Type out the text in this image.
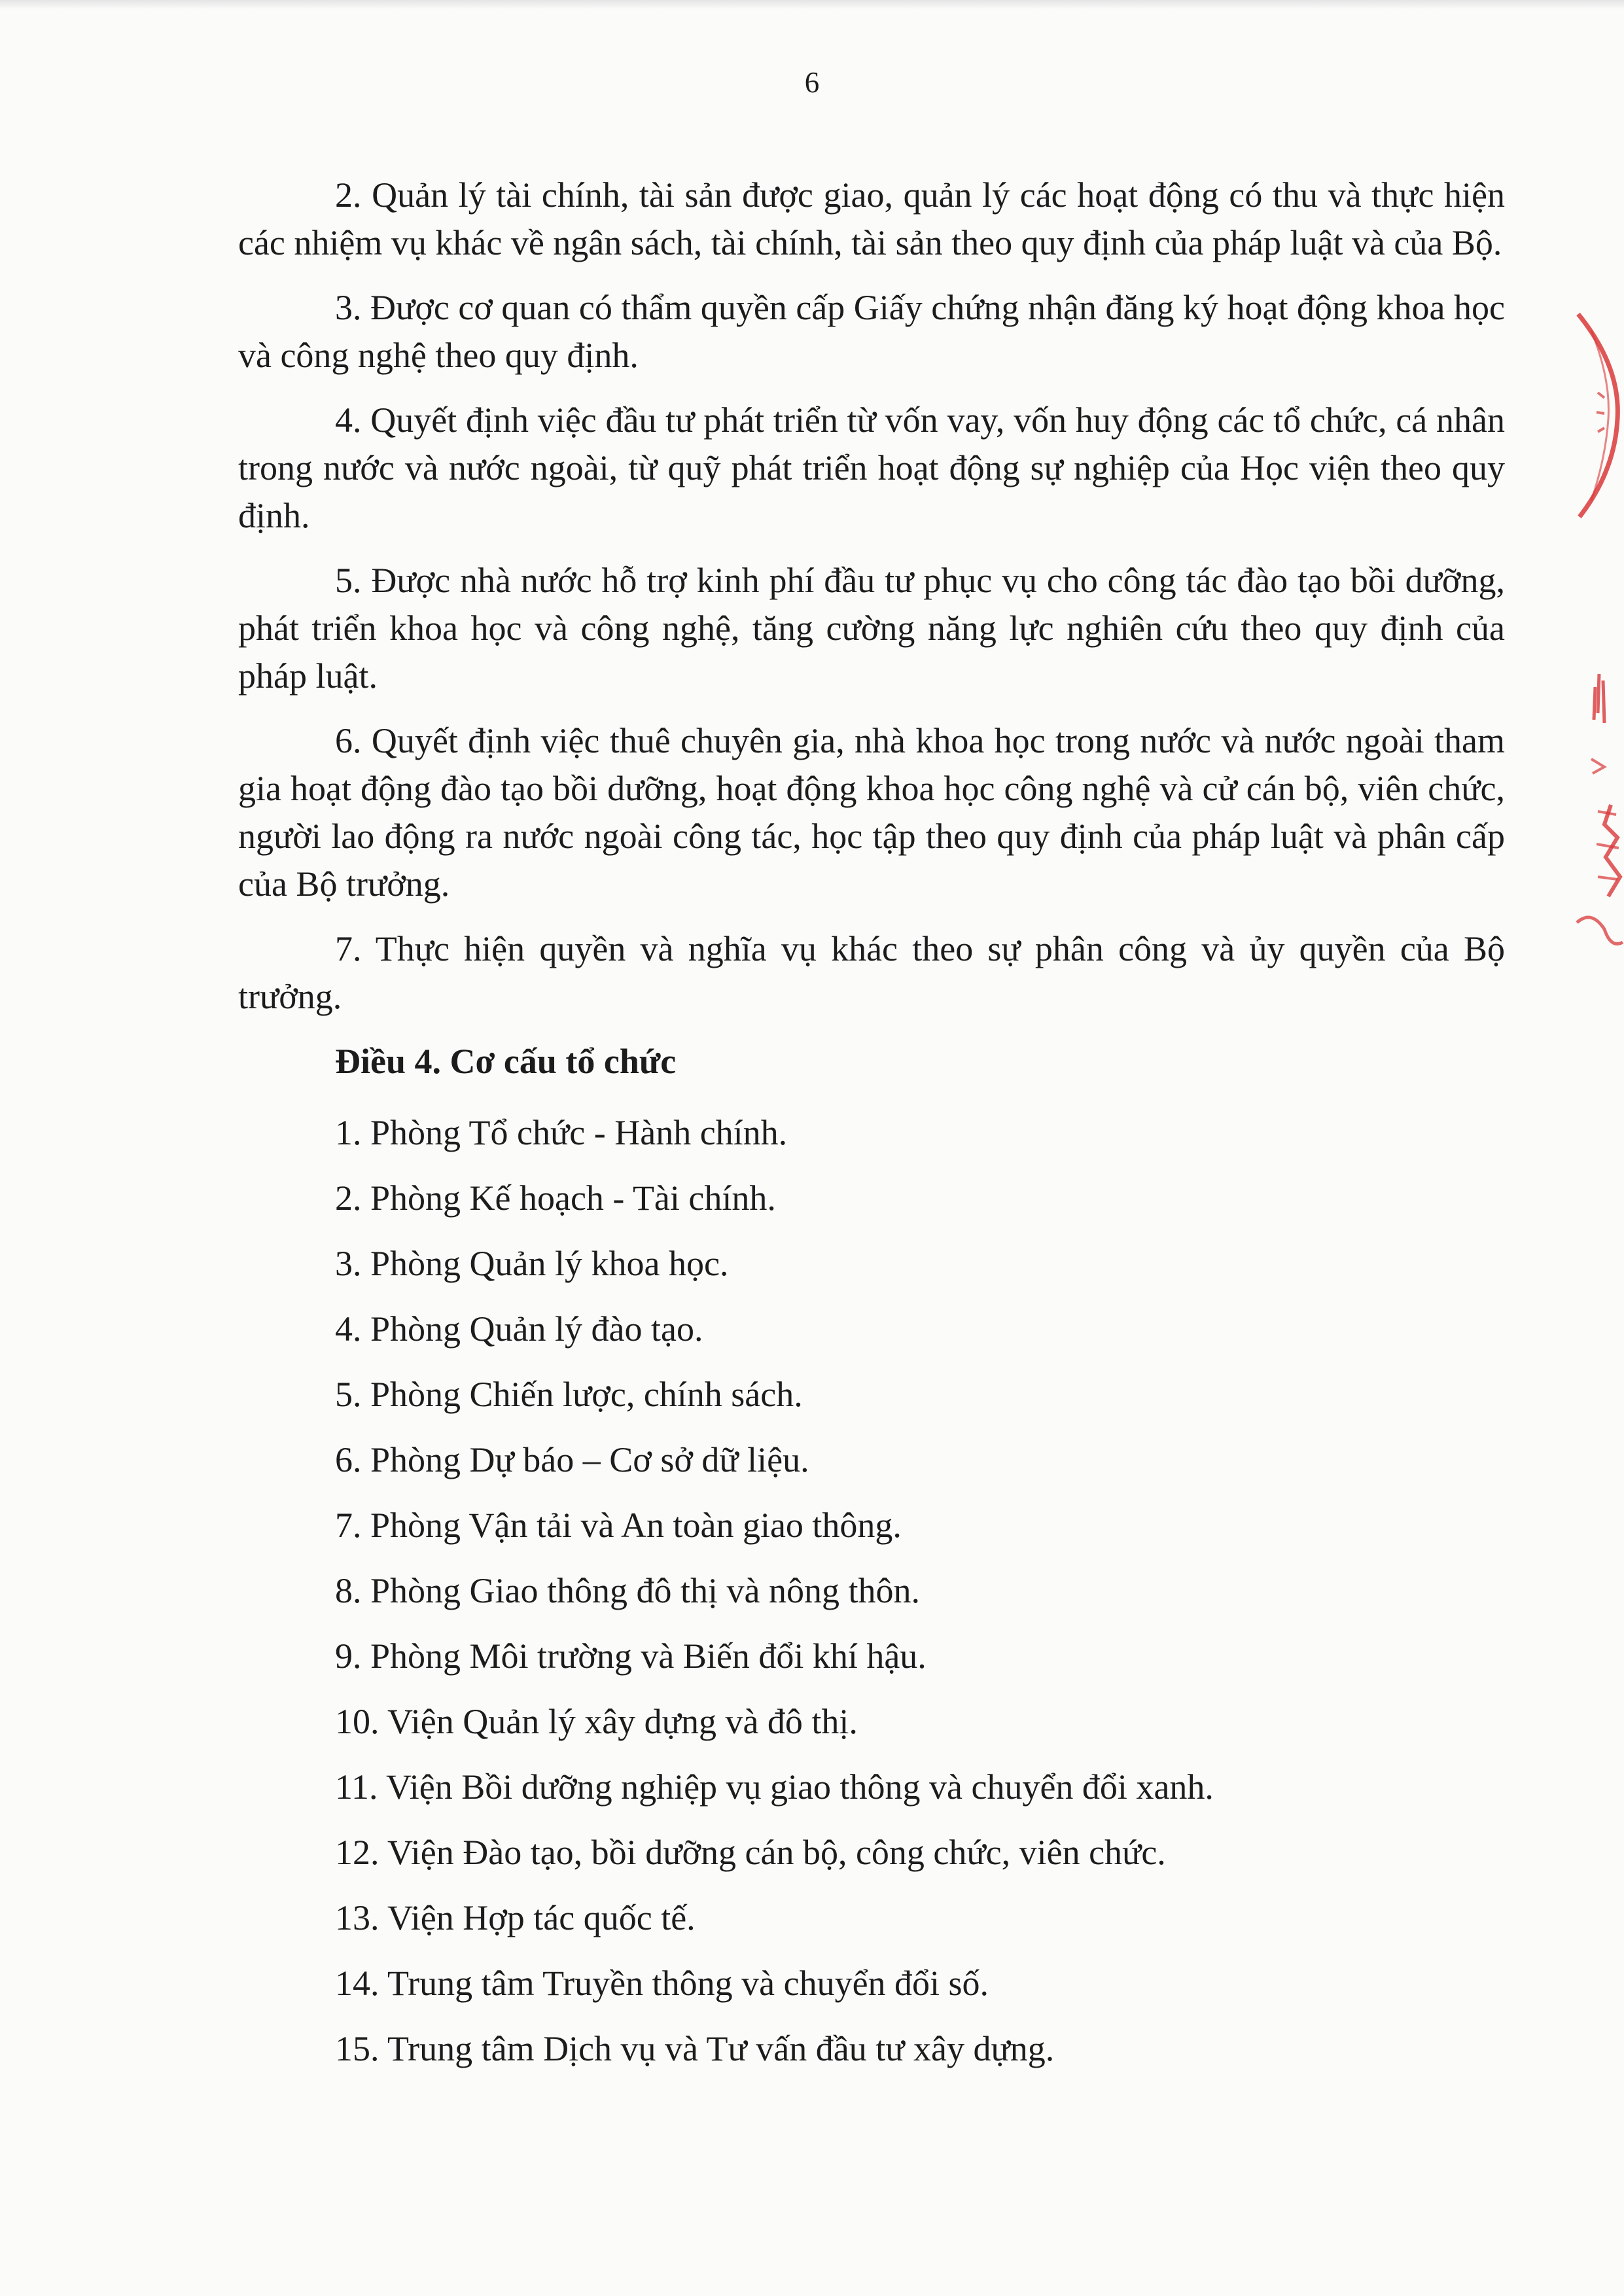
6

2. Quản lý tài chính, tài sản được giao, quản lý các hoạt động có thu và thực hiện các nhiệm vụ khác về ngân sách, tài chính, tài sản theo quy định của pháp luật và của Bộ.

3. Được cơ quan có thẩm quyền cấp Giấy chứng nhận đăng ký hoạt động khoa học và công nghệ theo quy định.

4. Quyết định việc đầu tư phát triển từ vốn vay, vốn huy động các tổ chức, cá nhân trong nước và nước ngoài, từ quỹ phát triển hoạt động sự nghiệp của Học viện theo quy định.

5. Được nhà nước hỗ trợ kinh phí đầu tư phục vụ cho công tác đào tạo bồi dưỡng, phát triển khoa học và công nghệ, tăng cường năng lực nghiên cứu theo quy định của pháp luật.

6. Quyết định việc thuê chuyên gia, nhà khoa học trong nước và nước ngoài tham gia hoạt động đào tạo bồi dưỡng, hoạt động khoa học công nghệ và cử cán bộ, viên chức, người lao động ra nước ngoài công tác, học tập theo quy định của pháp luật và phân cấp của Bộ trưởng.

7. Thực hiện quyền và nghĩa vụ khác theo sự phân công và ủy quyền của Bộ trưởng.

Điều 4. Cơ cấu tổ chức
1. Phòng Tổ chức - Hành chính.
2. Phòng Kế hoạch - Tài chính.
3. Phòng Quản lý khoa học.
4. Phòng Quản lý đào tạo.
5. Phòng Chiến lược, chính sách.
6. Phòng Dự báo – Cơ sở dữ liệu.
7. Phòng Vận tải và An toàn giao thông.
8. Phòng Giao thông đô thị và nông thôn.
9. Phòng Môi trường và Biến đổi khí hậu.
10. Viện Quản lý xây dựng và đô thị.
11. Viện Bồi dưỡng nghiệp vụ giao thông và chuyển đổi xanh.
12. Viện Đào tạo, bồi dưỡng cán bộ, công chức, viên chức.
13. Viện Hợp tác quốc tế.
14. Trung tâm Truyền thông và chuyển đổi số.
15. Trung tâm Dịch vụ và Tư vấn đầu tư xây dựng.
